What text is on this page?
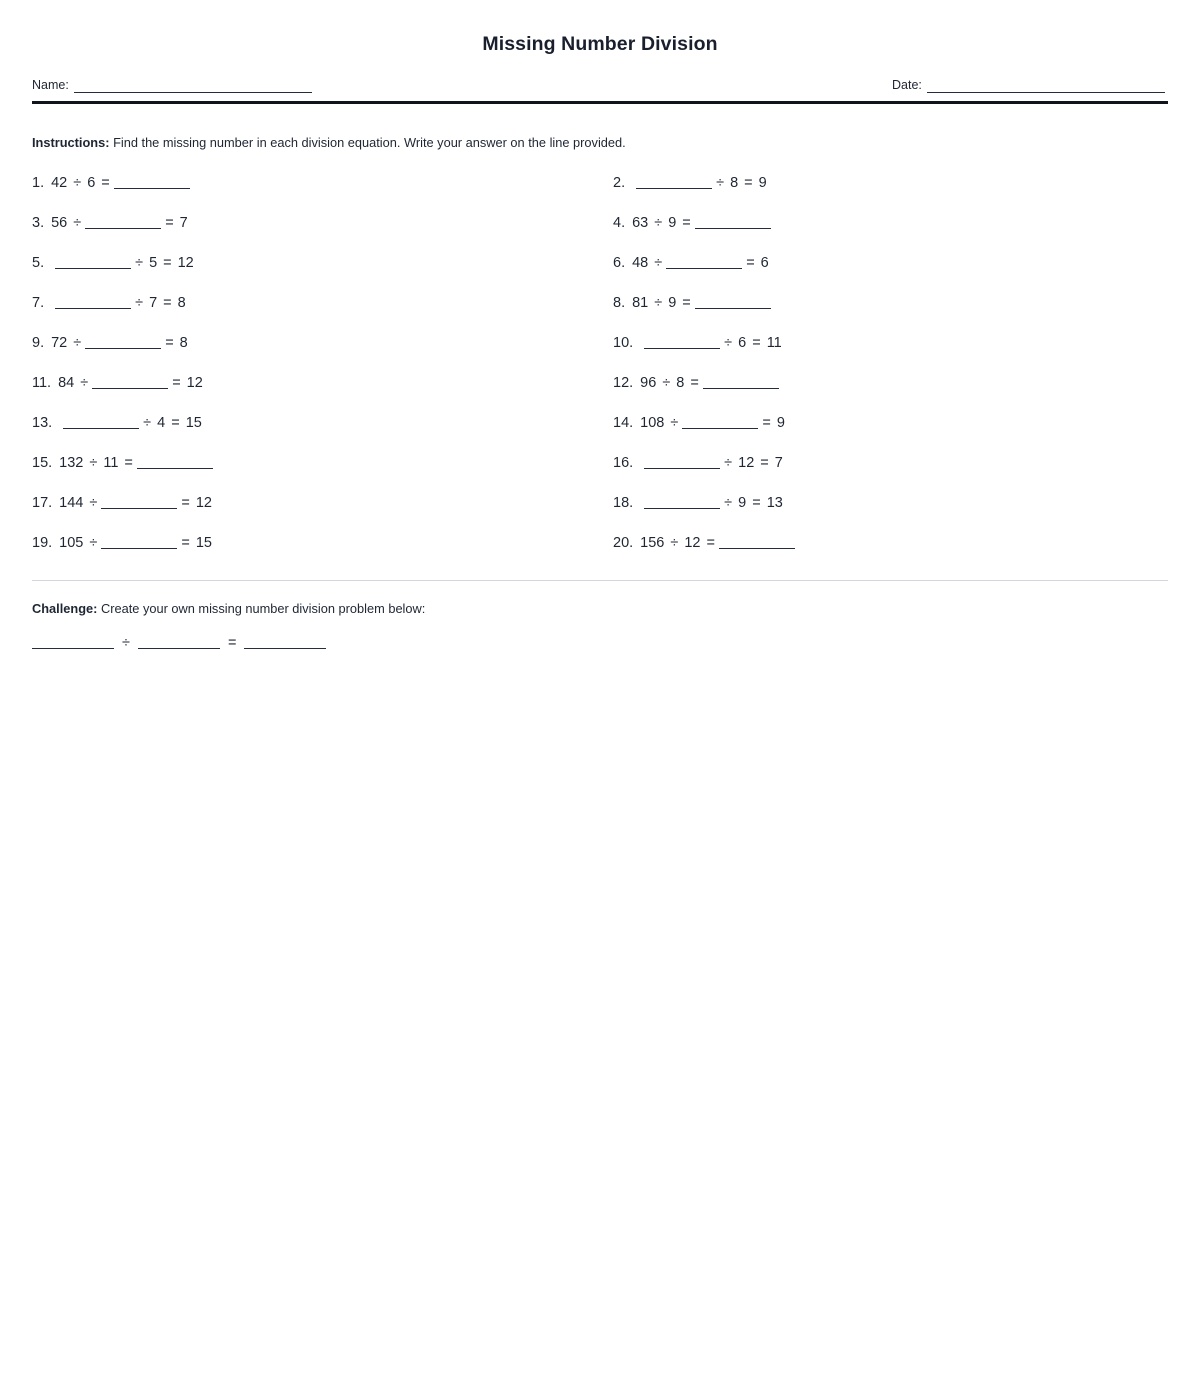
Missing Number Division
Name:	Date:
Instructions: Find the missing number in each division equation. Write your answer on the line provided.
1. 42 ÷ 6 =	2.	÷ 8 = 9
3. 56 ÷	= 7	4. 63 ÷ 9 =
5.	÷ 5 = 12	6. 48 ÷	= 6
7.	÷ 7 = 8	8. 81 ÷ 9 =
9. 72 ÷	= 8	10.	÷ 6 = 11
11. 84 ÷	= 12	12. 96 ÷ 8 =
13.	÷ 4 = 15	14. 108 ÷	= 9
15. 132 ÷ 11 =	16.	÷ 12 = 7
17. 144 ÷	= 12	18.	÷ 9 = 13
19. 105 ÷	= 15	20. 156 ÷ 12 =
Challenge: Create your own missing number division problem below:
÷	=
